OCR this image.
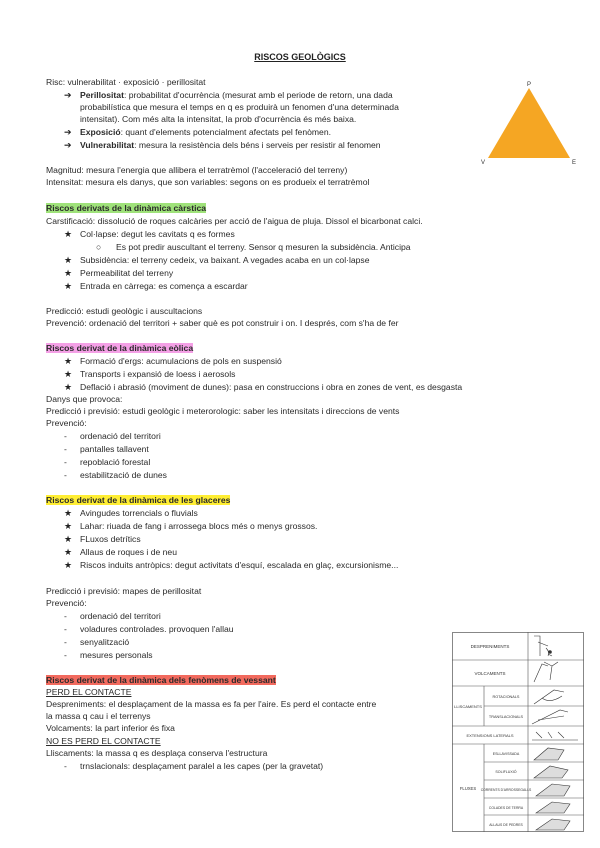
RISCOS GEOLÒGICS
Risc: vulnerabilitat · exposició · perillositat
➔ Perillositat: probabilitat d'ocurrència (mesurat amb el periode de retorn, una dada
probabilística que mesura el temps en q es produirà un fenomen d'una determinada
intensitat). Com més alta la intensitat, la prob d'ocurrència és més baixa.
➔ Exposició: quant d'elements potencialment afectats pel fenòmen.
➔ Vulnerabilitat: mesura la resistència dels béns i serveis per resistir al fenomen
Magnitud: mesura l'energia que allibera el terratrèmol (l'acceleració del terreny)
Intensitat: mesura els danys, que son variables: segons on es produeix el terratrèmol
P
V	E
Riscos derivats de la dinàmica càrstica
Carstificació: dissolució de roques calcàries per acció de l'aigua de pluja. Dissol el bicarbonat calci.
★ Col·lapse: degut les cavitats q es formes
○ Es pot predir auscultant el terreny. Sensor q mesuren la subsidència. Anticipa
★ Subsidència: el terreny cedeix, va baixant. A vegades acaba en un col·lapse
★ Permeabilitat del terreny
★ Entrada en càrrega: es comença a escardar
Predicció: estudi geològic i auscultacions
Prevenció: ordenació del territori + saber què es pot construir i on. I després, com s'ha de fer
Riscos derivat de la dinàmica eòlica
★ Formació d'ergs: acumulacions de pols en suspensió
★ Transports i expansió de loess i aerosols
★ Deflació i abrasió (moviment de dunes): pasa en construccions i obra en zones de vent, es desgasta
Danys que provoca:
Predicció i previsió: estudi geològic i meterorologic: saber les intensitats i direccions de vents
Prevenció:
- ordenació del territori
- pantalles tallavent
- repoblació forestal
- estabilització de dunes
Riscos derivat de la dinàmica de les glaceres
★ Avingudes torrencials o fluvials
★ Lahar: riuada de fang i arrossega blocs més o menys grossos.
★ FLuxos detrítics
★ Allaus de roques i de neu
★ Riscos induits antròpics: degut activitats d'esquí, escalada en glaç, excursionisme...
Predicció i previsió: mapes de perillositat
Prevenció:
- ordenació del territori
- voladures controlades. provoquen l'allau
- senyalització
- mesures personals
Riscos derivat de la dinàmica dels fenòmens de vessant
PERD EL CONTACTE
Despreniments: el desplaçament de la massa es fa per l'aire. Es perd el contacte entre
la massa q cau i el terrenys
Volcaments: la part inferior és fixa
NO ES PERD EL CONTACTE
Lliscaments: la massa q es desplaça conserva l'estructura
- trnslacionals: desplaçament paralel a les capes (per la gravetat)
DESPRENIMENTS
VOLCAMENTS
LLISCAMENTS
ROTACIONALS
TRANSLACIONALS
EXTENSIONS LATERALS
FLUXES
ESLLAVISSADA
SOLIFLUXIÓ
CORRENTS D'ARROSSEGALLS
COLADES DE TERRA
ALLAUS DE PEDRES
